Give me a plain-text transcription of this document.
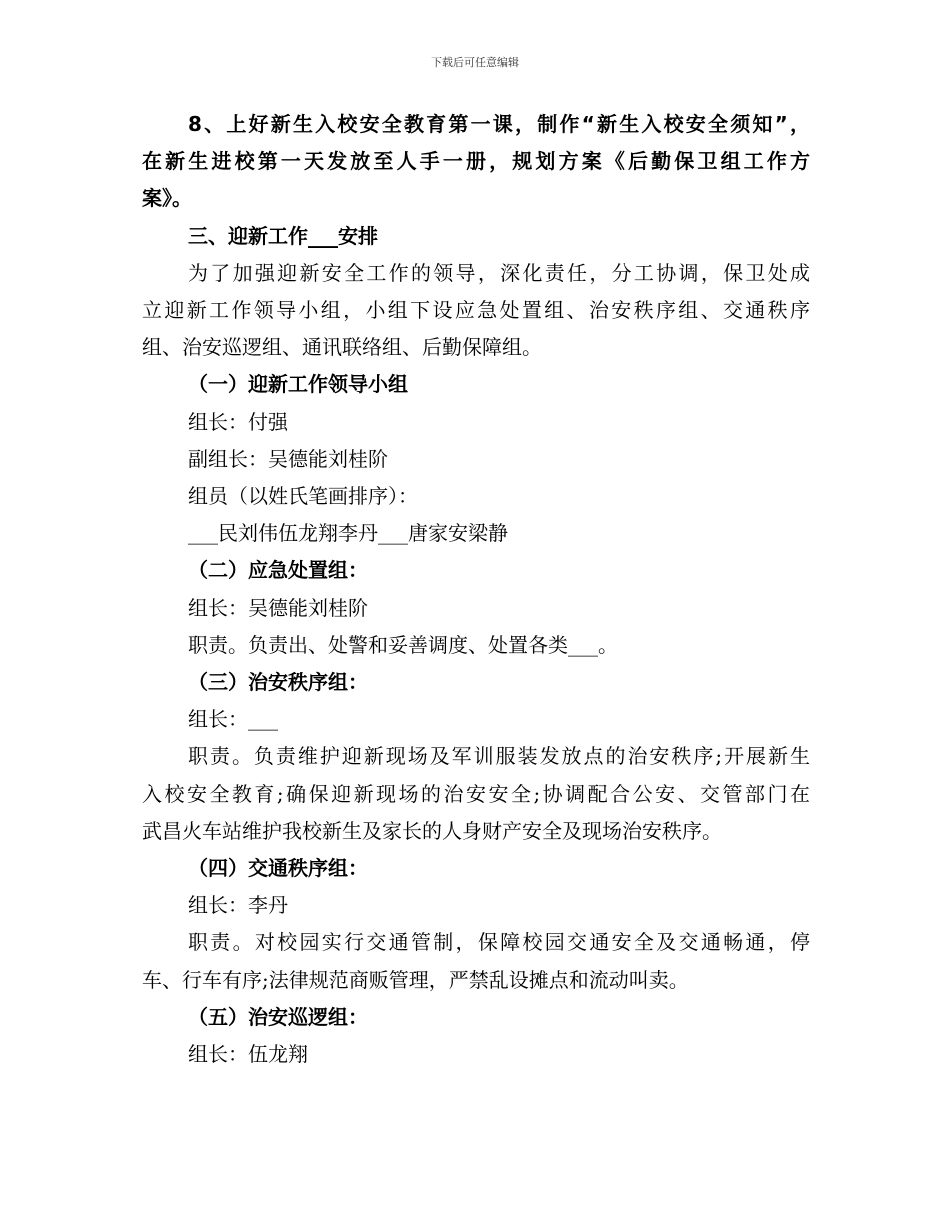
下载后可任意编辑
8、上好新生入校安全教育第一课，制作“新生入校安全须知”，
在新生进校第一天发放至人手一册，规划方案《后勤保卫组工作方
案》。
三、迎新工作___安排
为了加强迎新安全工作的领导，深化责任，分工协调，保卫处成
立迎新工作领导小组，小组下设应急处置组、治安秩序组、交通秩序
组、治安巡逻组、通讯联络组、后勤保障组。
（一）迎新工作领导小组
组长：付强
副组长：吴德能刘桂阶
组员（以姓氏笔画排序）：
___民刘伟伍龙翔李丹___唐家安梁静
（二）应急处置组：
组长：吴德能刘桂阶
职责。负责出、处警和妥善调度、处置各类___。
（三）治安秩序组：
组长：___
职责。负责维护迎新现场及军训服装发放点的治安秩序;开展新生
入校安全教育;确保迎新现场的治安安全;协调配合公安、交管部门在
武昌火车站维护我校新生及家长的人身财产安全及现场治安秩序。
（四）交通秩序组：
组长：李丹
职责。对校园实行交通管制，保障校园交通安全及交通畅通，停
车、行车有序;法律规范商贩管理，严禁乱设摊点和流动叫卖。
（五）治安巡逻组：
组长：伍龙翔
